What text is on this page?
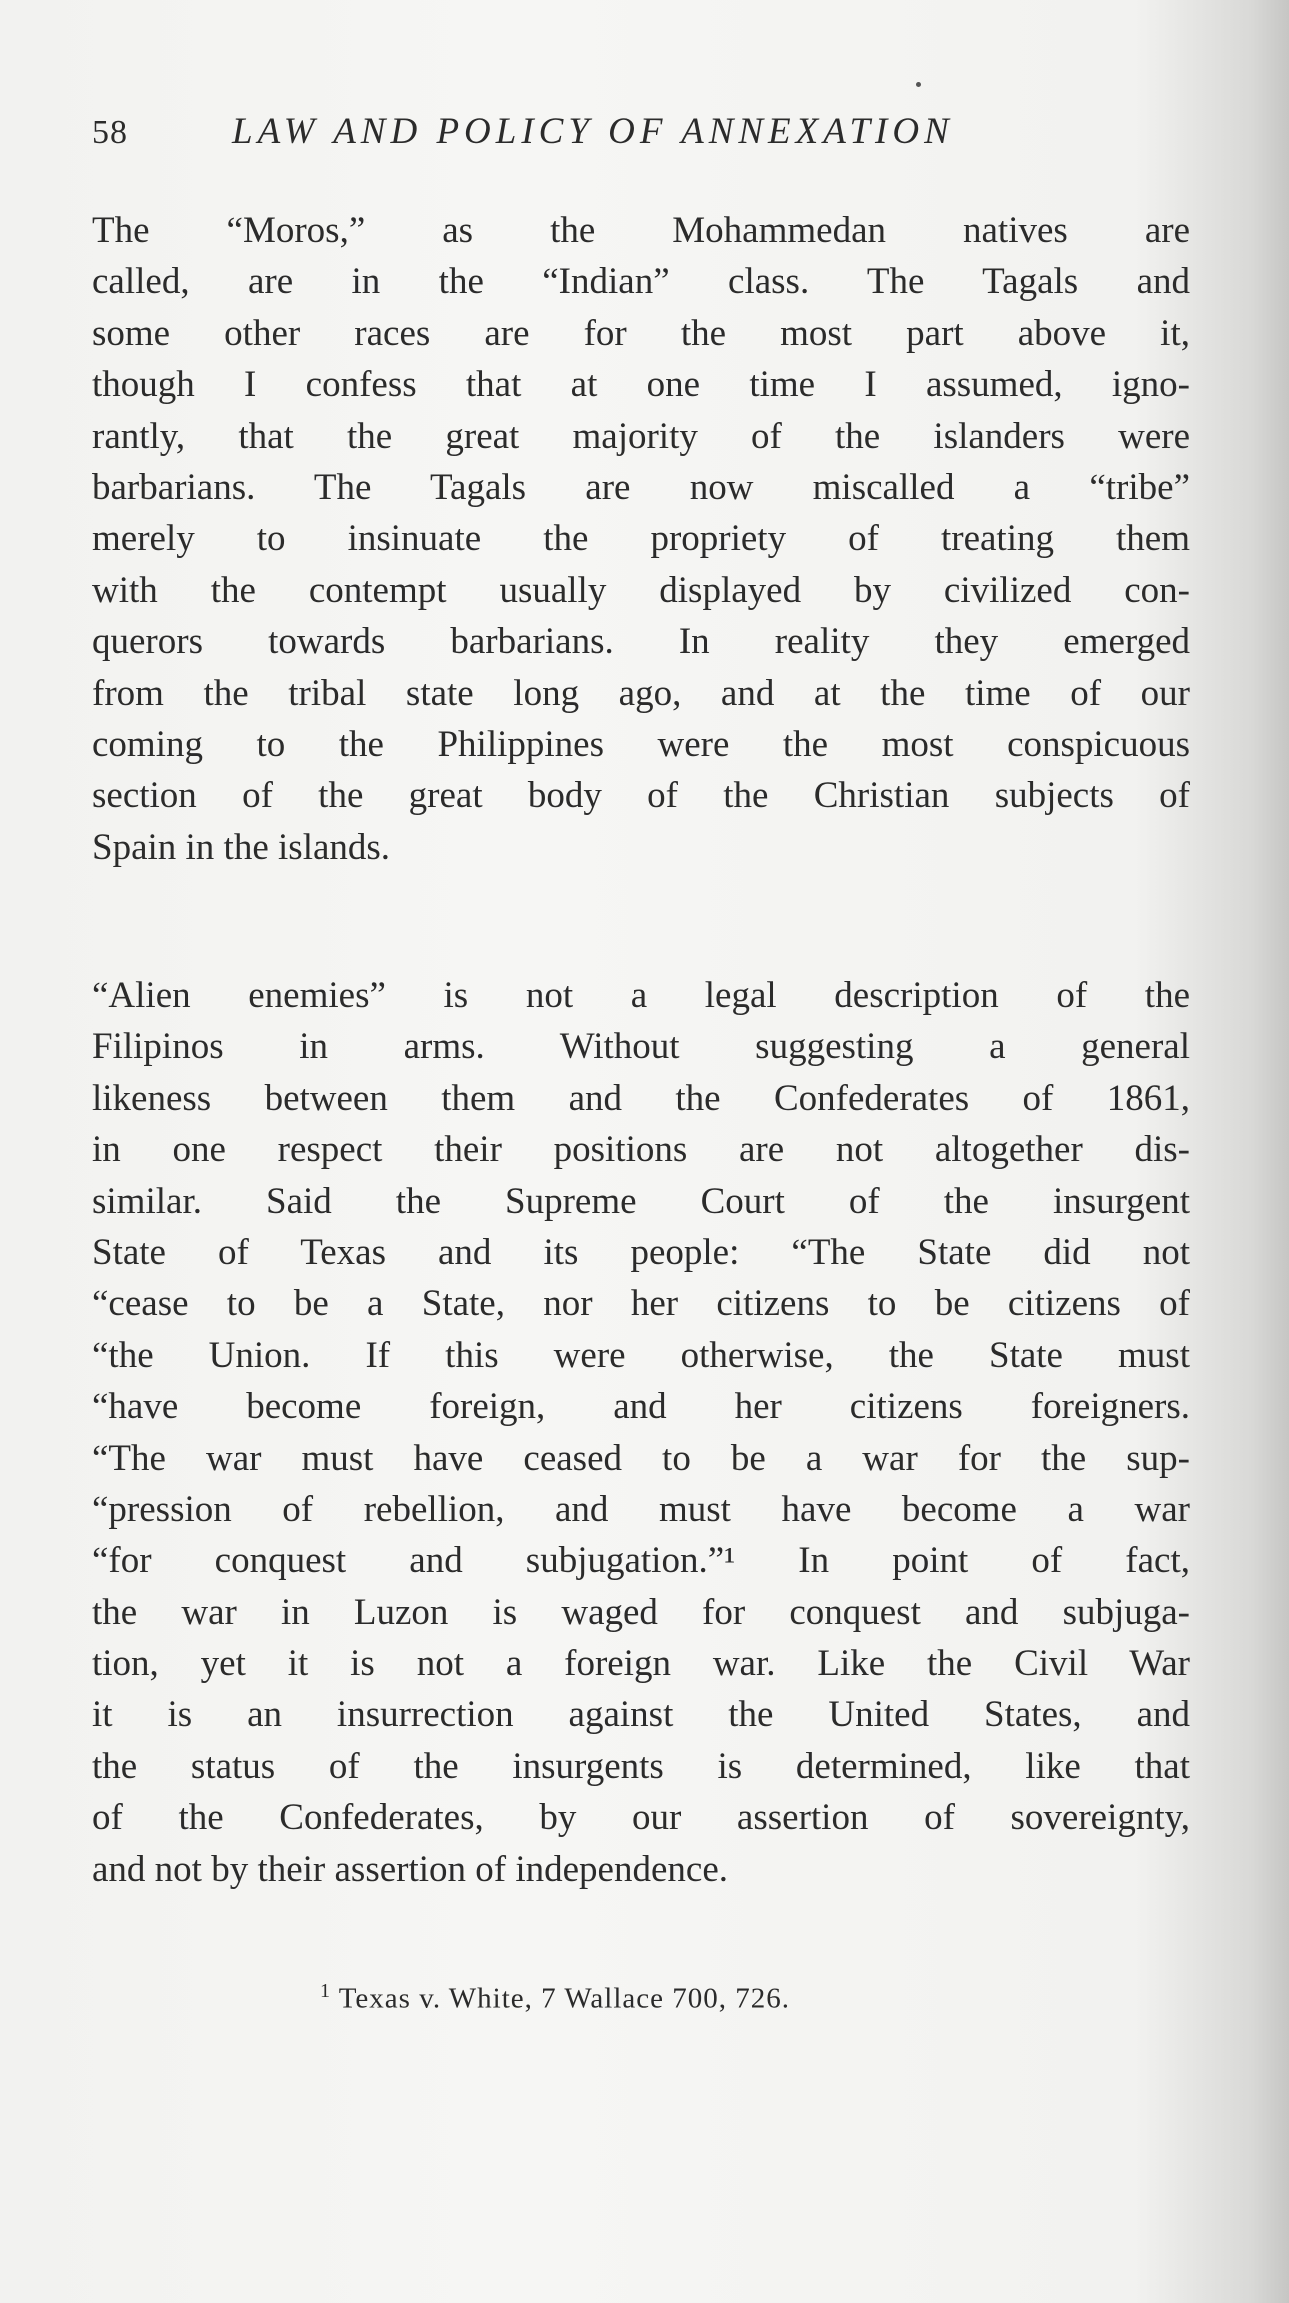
58	LAW AND POLICY OF ANNEXATION
The “Moros,” as the Mohammedan natives are
called, are in the “Indian” class. The Tagals and
some other races are for the most part above it,
though I confess that at one time I assumed, igno-
rantly, that the great majority of the islanders were
barbarians. The Tagals are now miscalled a “tribe”
merely to insinuate the propriety of treating them
with the contempt usually displayed by civilized con-
querors towards barbarians. In reality they emerged
from the tribal state long ago, and at the time of our
coming to the Philippines were the most conspicuous
section of the great body of the Christian subjects of
Spain in the islands.
“Alien enemies” is not a legal description of the
Filipinos in arms. Without suggesting a general
likeness between them and the Confederates of 1861,
in one respect their positions are not altogether dis-
similar. Said the Supreme Court of the insurgent
State of Texas and its people: “The State did not
“cease to be a State, nor her citizens to be citizens of
“the Union. If this were otherwise, the State must
“have become foreign, and her citizens foreigners.
“The war must have ceased to be a war for the sup-
“pression of rebellion, and must have become a war
“for conquest and subjugation.”¹ In point of fact,
the war in Luzon is waged for conquest and subjuga-
tion, yet it is not a foreign war. Like the Civil War
it is an insurrection against the United States, and
the status of the insurgents is determined, like that
of the Confederates, by our assertion of sovereignty,
and not by their assertion of independence.
$^1$ Texas v. White, 7 Wallace 700, 726.
